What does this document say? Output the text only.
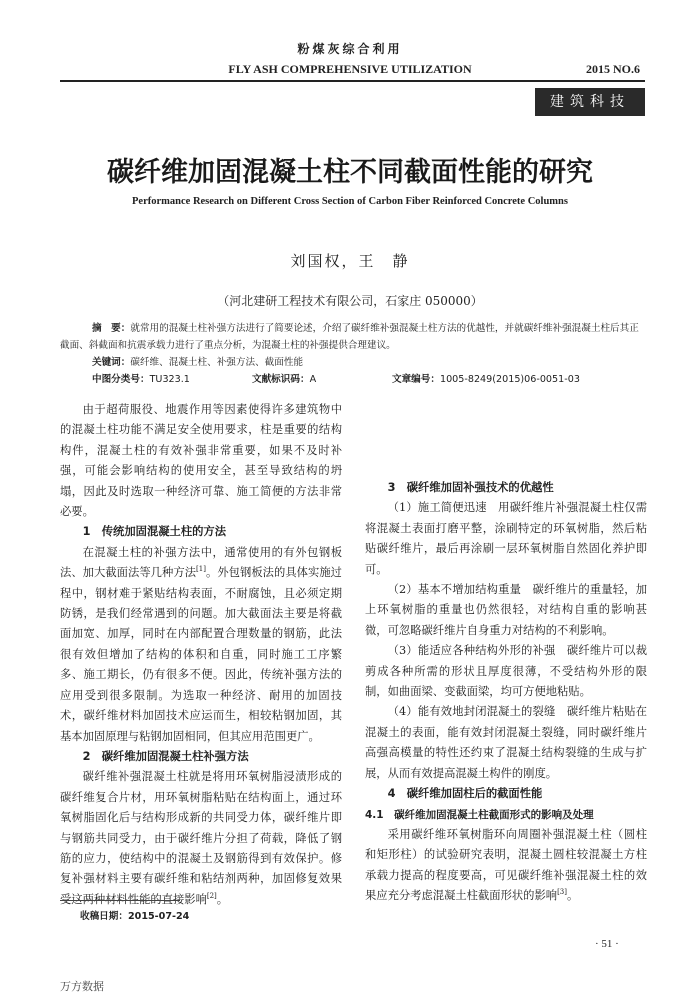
粉煤灰综合利用
FLY ASH COMPREHENSIVE UTILIZATION	2015 NO.6
建筑科技
碳纤维加固混凝土柱不同截面性能的研究
Performance Research on Different Cross Section of Carbon Fiber Reinforced Concrete Columns
刘国权，王　静
（河北建研工程技术有限公司，石家庄 050000）

摘　要：就常用的混凝土柱补强方法进行了简要论述，介绍了碳纤维补强混凝土柱方法的优越性，并就碳纤维补强混凝土柱后其正截面、斜截面和抗震承载力进行了重点分析，为混凝土柱的补强提供合理建议。

关键词：碳纤维、混凝土柱、补强方法、截面性能

中图分类号：TU323.1	文献标识码：A	文章编号：1005-8249(2015)06-0051-03

由于超荷服役、地震作用等因素使得许多建筑物中的混凝土柱功能不满足安全使用要求，柱是重要的结构构件，混凝土柱的有效补强非常重要，如果不及时补强，可能会影响结构的使用安全，甚至导致结构的坍塌，因此及时选取一种经济可靠、施工简便的方法非常必要。

1　传统加固混凝土柱的方法

在混凝土柱的补强方法中，通常使用的有外包钢板法、加大截面法等几种方法[1]。外包钢板法的具体实施过程中，钢材难于紧贴结构表面，不耐腐蚀，且必须定期防锈，是我们经常遇到的问题。加大截面法主要是将截面加宽、加厚，同时在内部配置合理数量的钢筋，此法很有效但增加了结构的体积和自重，同时施工工序繁多、施工期长，仍有很多不便。因此，传统补强方法的应用受到很多限制。为选取一种经济、耐用的加固技术，碳纤维材料加固技术应运而生，相较粘钢加固，其基本加固原理与粘钢加固相同，但其应用范围更广。

2　碳纤维加固混凝土柱补强方法

碳纤维补强混凝土柱就是将用环氧树脂浸渍形成的碳纤维复合片材，用环氧树脂粘贴在结构面上，通过环氧树脂固化后与结构形成新的共同受力体，碳纤维片即与钢筋共同受力，由于碳纤维片分担了荷载，降低了钢筋的应力，使结构中的混凝土及钢筋得到有效保护。修复补强材料主要有碳纤维和粘结剂两种，加固修复效果受这两种材料性能的直接影响[2]。

3　碳纤维加固补强技术的优越性

（1）施工简便迅速　用碳纤维片补强混凝土柱仅需将混凝土表面打磨平整，涂刷特定的环氧树脂，然后粘贴碳纤维片，最后再涂刷一层环氧树脂自然固化养护即可。

（2）基本不增加结构重量　碳纤维片的重量轻，加上环氧树脂的重量也仍然很轻，对结构自重的影响甚微，可忽略碳纤维片自身重力对结构的不利影响。

（3）能适应各种结构外形的补强　碳纤维片可以裁剪成各种所需的形状且厚度很薄，不受结构外形的限制，如曲面梁、变截面梁，均可方便地粘贴。

（4）能有效地封闭混凝土的裂缝　碳纤维片粘贴在混凝土的表面，能有效封闭混凝土裂缝，同时碳纤维片高强高模量的特性还约束了混凝土结构裂缝的生成与扩展，从而有效提高混凝土构件的刚度。

4　碳纤维加固柱后的截面性能

4.1　碳纤维加固混凝土柱截面形式的影响及处理

采用碳纤维环氧树脂环向周圈补强混凝土柱（圆柱和矩形柱）的试验研究表明，混凝土圆柱较混凝土方柱承载力提高的程度要高，可见碳纤维补强混凝土柱的效果应充分考虑混凝土柱截面形状的影响[3]。

收稿日期：2015-07-24
· 51 ·
万方数据
